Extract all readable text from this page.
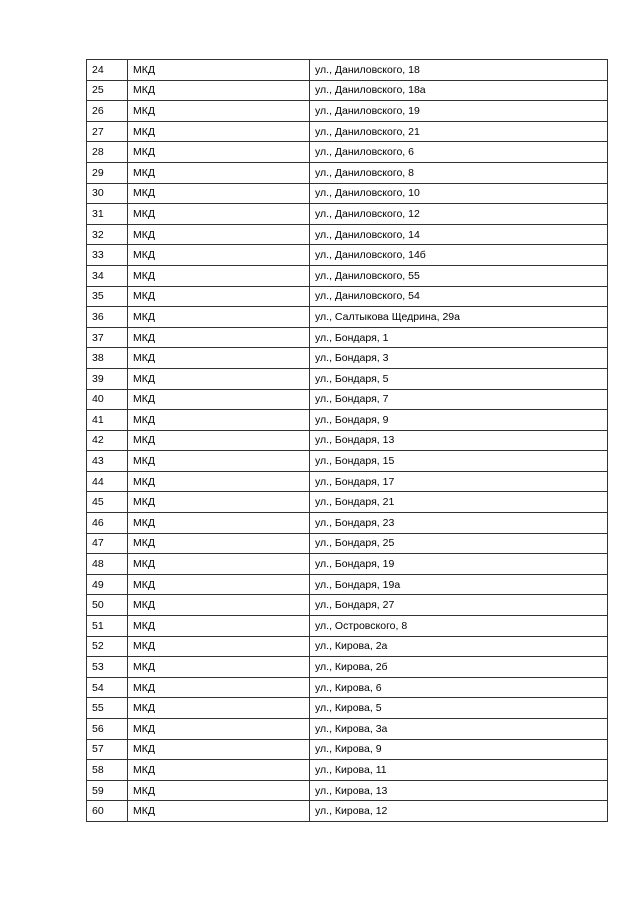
24	МКД	ул., Даниловского, 18
25	МКД	ул., Даниловского, 18а
26	МКД	ул., Даниловского, 19
27	МКД	ул., Даниловского, 21
28	МКД	ул., Даниловского, 6
29	МКД	ул., Даниловского, 8
30	МКД	ул., Даниловского, 10
31	МКД	ул., Даниловского, 12
32	МКД	ул., Даниловского, 14
33	МКД	ул., Даниловского, 14б
34	МКД	ул., Даниловского, 55
35	МКД	ул., Даниловского, 54
36	МКД	ул., Салтыкова Щедрина, 29а
37	МКД	ул., Бондаря, 1
38	МКД	ул., Бондаря, 3
39	МКД	ул., Бондаря, 5
40	МКД	ул., Бондаря, 7
41	МКД	ул., Бондаря, 9
42	МКД	ул., Бондаря, 13
43	МКД	ул., Бондаря, 15
44	МКД	ул., Бондаря, 17
45	МКД	ул., Бондаря, 21
46	МКД	ул., Бондаря, 23
47	МКД	ул., Бондаря, 25
48	МКД	ул., Бондаря, 19
49	МКД	ул., Бондаря, 19а
50	МКД	ул., Бондаря, 27
51	МКД	ул., Островского, 8
52	МКД	ул., Кирова, 2а
53	МКД	ул., Кирова, 2б
54	МКД	ул., Кирова, 6
55	МКД	ул., Кирова, 5
56	МКД	ул., Кирова, 3а
57	МКД	ул., Кирова, 9
58	МКД	ул., Кирова, 11
59	МКД	ул., Кирова, 13
60	МКД	ул., Кирова, 12
